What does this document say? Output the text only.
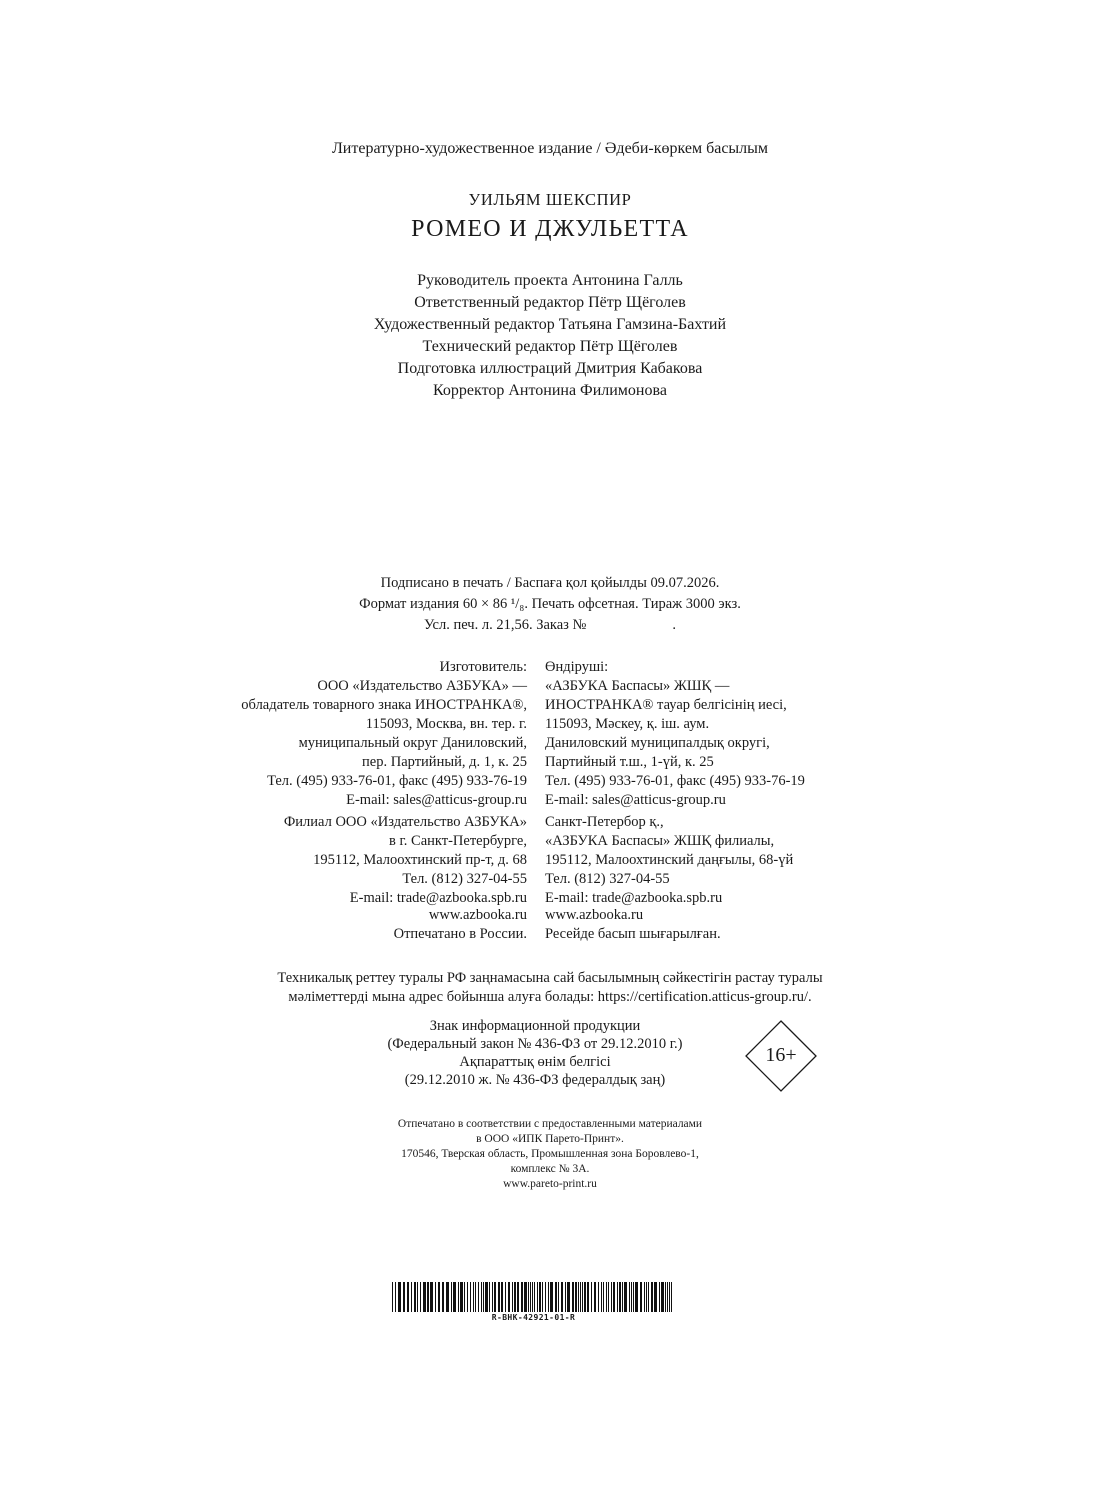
Литературно-художественное издание / Әдеби-көркем басылым
УИЛЬЯМ ШЕКСПИР
РОМЕО И ДЖУЛЬЕТТА
Руководитель проекта Антонина Галль
Ответственный редактор Пётр Щёголев
Художественный редактор Татьяна Гамзина-Бахтий
Технический редактор Пётр Щёголев
Подготовка иллюстраций Дмитрия Кабакова
Корректор Антонина Филимонова
Подписано в печать / Баспаға қол қойылды 09.07.2026.
Формат издания 60 × 86 ¹/₈. Печать офсетная. Тираж 3000 экз.
Усл. печ. л. 21,56. Заказ №	.
Изготовитель:
ООО «Издательство АЗБУКА» —
обладатель товарного знака ИНОСТРАНКА®,
115093, Москва, вн. тер. г.
муниципальный округ Даниловский,
пер. Партийный, д. 1, к. 25
Тел. (495) 933-76-01, факс (495) 933-76-19
E-mail: sales@atticus-group.ru
Өндіруші:
«АЗБУКА Баспасы» ЖШҚ —
ИНОСТРАНКА® тауар белгісінің иесі,
115093, Мәскеу, қ. іш. аум.
Даниловский муниципалдық округі,
Партийный т.ш., 1-үй, к. 25
Тел. (495) 933-76-01, факс (495) 933-76-19
E-mail: sales@atticus-group.ru
Филиал ООО «Издательство АЗБУКА»
в г. Санкт-Петербурге,
195112, Малоохтинский пр-т, д. 68
Тел. (812) 327-04-55
E-mail: trade@azbooka.spb.ru
Санкт-Петербор қ.,
«АЗБУКА Баспасы» ЖШҚ филиалы,
195112, Малоохтинский даңғылы, 68-үй
Тел. (812) 327-04-55
E-mail: trade@azbooka.spb.ru
www.azbooka.ru
Отпечатано в России.
www.azbooka.ru
Ресейде басып шығарылған.
Техникалық реттеу туралы РФ заңнамасына сай басылымның сәйкестігін растау туралы
мәліметтерді мына адрес бойынша алуға болады: https://certification.atticus-group.ru/.
Знак информационной продукции
(Федеральный закон № 436-ФЗ от 29.12.2010 г.)
Ақпараттық өнім белгісі
(29.12.2010 ж. № 436-ФЗ федералдық заң)
16+
Отпечатано в соответствии с предоставленными материалами
в ООО «ИПК Парето-Принт».
170546, Тверская область, Промышленная зона Боровлево-1,
комплекс № 3А.
www.pareto-print.ru
R-BHK-42921-01-R
